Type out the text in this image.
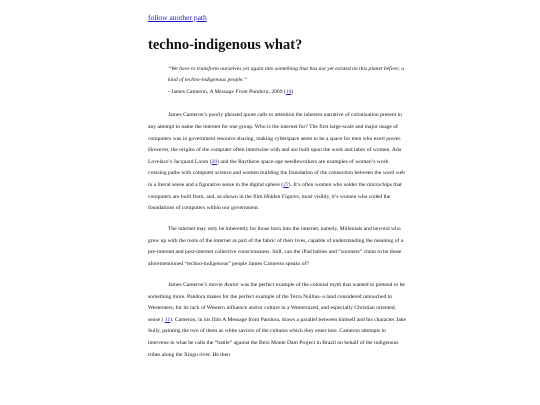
follow another path
techno-indigenous what?
“We have to transform ourselves yet again into something that has not yet existed on this planet before; a kind of techno-indigenous people.”
- James Cameron, A Message From Pandora, 2009 (10)

James Cameron’s poorly phrased quote calls to attention the inherent narrative of colonization present in any attempt to name the internet for one group. Who is the internet for? The first large-scale and major usage of computers was in government resource sharing, making cyberspace seem to be a space for men who exert power. However, the origins of the computer often intertwine with and are built upon the work and labor of women. Ada Lovelace’s Jacquard Loom (20) and the Raytheon space-age needleworkers are examples of women’s work crossing paths with computer science and women building the foundation of the connection between the word web in a literal sense and a figurative sense in the digital sphere (27). It’s often women who solder the microchips that computers are built from, and, as shown in the film Hidden Figures, most visibly, it’s women who coded the foundations of computers within our government.

The internet may only be inherently for those born into the internet, namely, Millenials and beyond who grew up with the tools of the internet as part of the fabric of their lives, capable of understanding the meaning of a pre-internet and post-internet collective consciousness. Still, can the iPad babies and “zoomers” claim to be these aforementioned “techno-indigenous” people James Cameron speaks of?

James Cameron’s movie Avatar was the perfect example of the colonial myth that wanted to pretend to be something more. Pandora makes for the perfect example of the Terra Nullius–a land considered untouched to Westerners, for its lack of Western influence and/or culture in a Westernized, and especially Christian oriented, sense ( 11). Cameron, in his film A Message from Pandora, draws a parallel between himself and his character Jake Sully, painting the two of them as white saviors of the cultures which they enter into. Cameron attempts to intervene in what he calls the “battle” against the Belo Monte Dam Project in Brazil on behalf of the indigenous tribes along the Xingu river. He then
